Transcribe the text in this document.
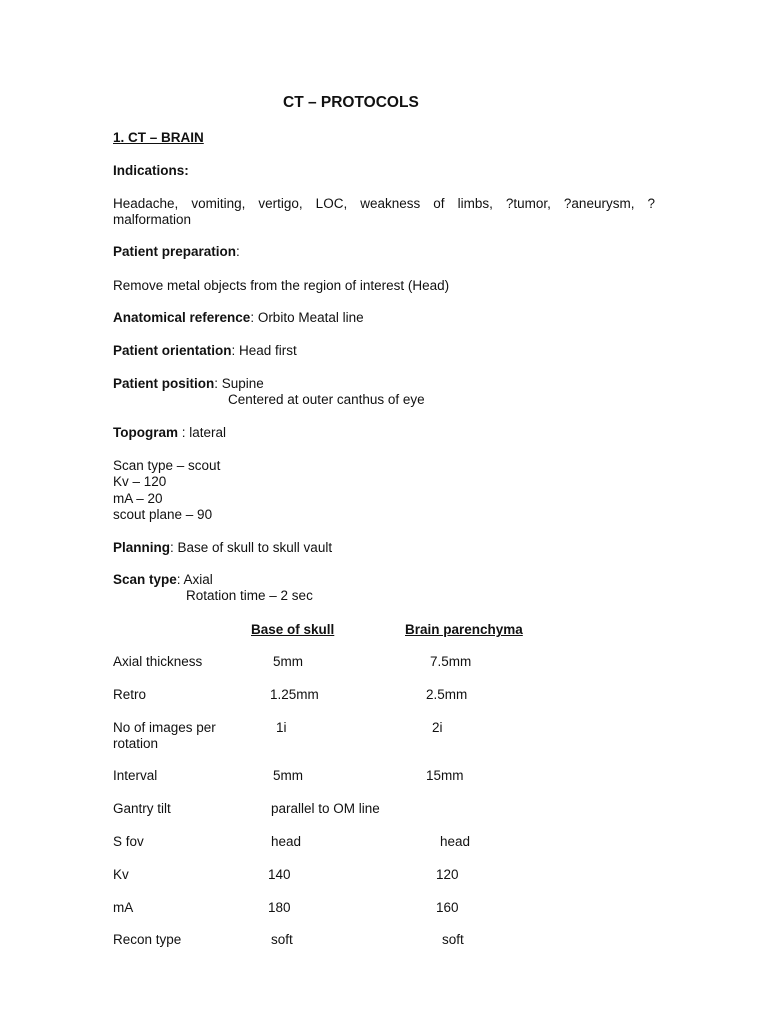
CT – PROTOCOLS
1. CT – BRAIN
Indications:
Headache, vomiting, vertigo, LOC, weakness of limbs, ?tumor, ?aneurysm, ?
malformation
Patient preparation:
Remove metal objects from the region of interest (Head)
Anatomical reference: Orbito Meatal line
Patient orientation: Head first
Patient position: Supine
Centered at outer canthus of eye
Topogram : lateral
Scan type – scout
Kv – 120
mA – 20
scout plane – 90
Planning: Base of skull to skull vault
Scan type: Axial
Rotation time – 2 sec
Base of skull	Brain parenchyma
Axial thickness	5mm	7.5mm
Retro	1.25mm	2.5mm
No of images per
rotation
1i	2i
Interval	5mm	15mm
Gantry tilt	parallel to OM line
S fov	head	head
Kv	140	120
mA	180	160
Recon type	soft	soft
